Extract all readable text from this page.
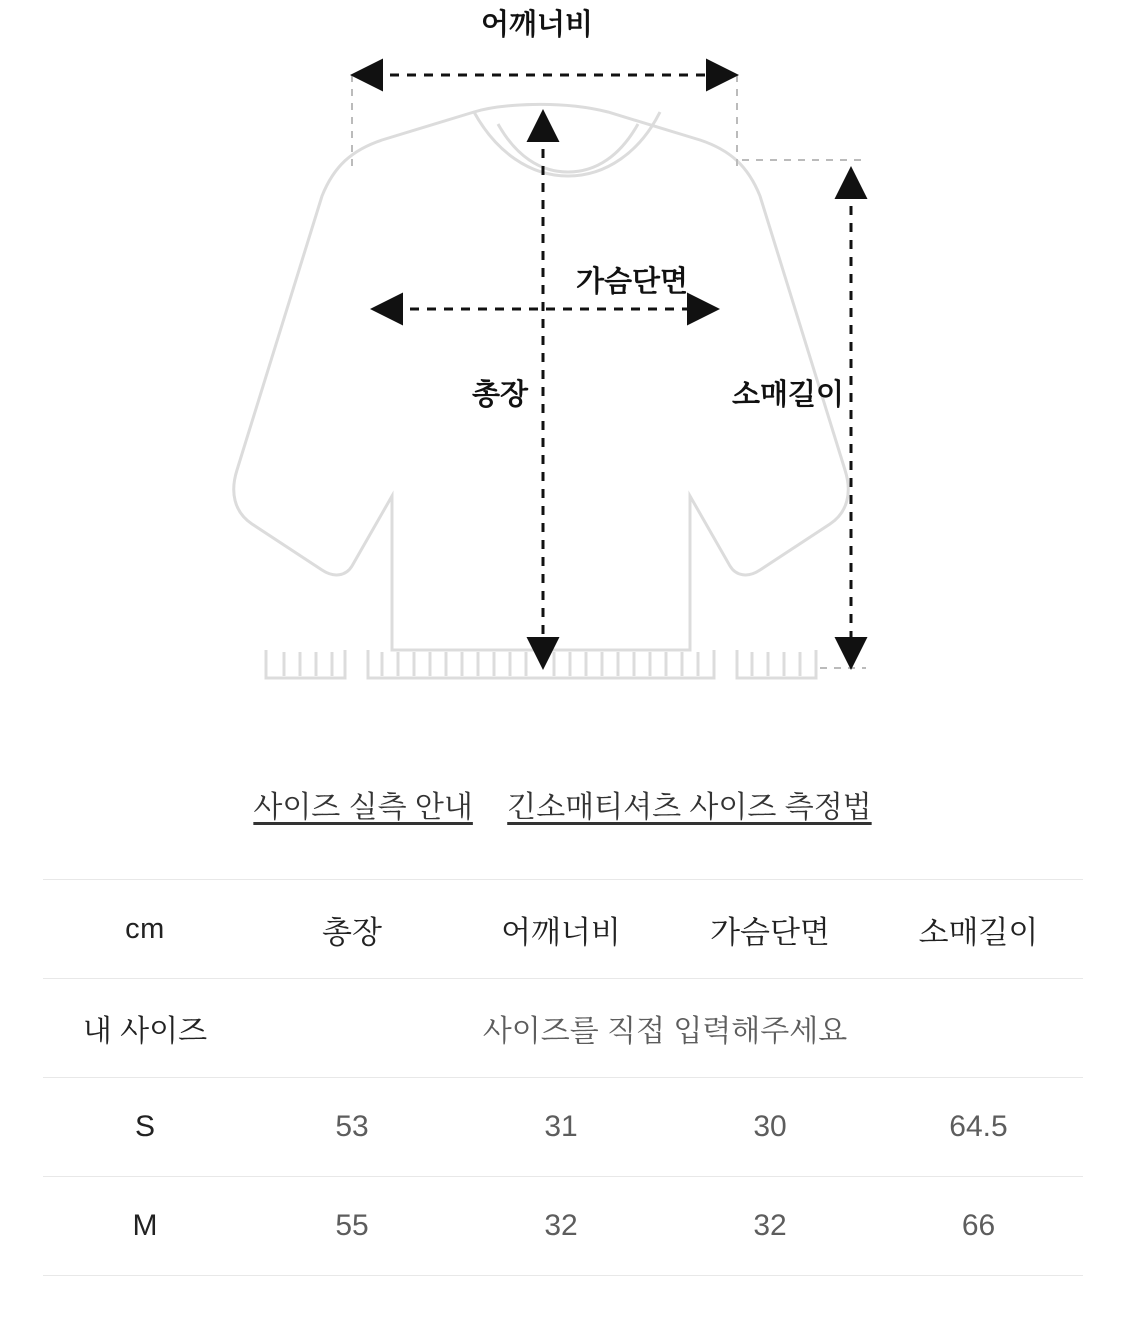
어깨너비
가슴단면
총장	소매길이
사이즈 실측 안내 긴소매티셔츠 사이즈 측정법
cm	총장	어깨너비	가슴단면	소매길이
내 사이즈	사이즈를 직접 입력해주세요			
S	53	31	30	64.5
M	55	32	32	66
